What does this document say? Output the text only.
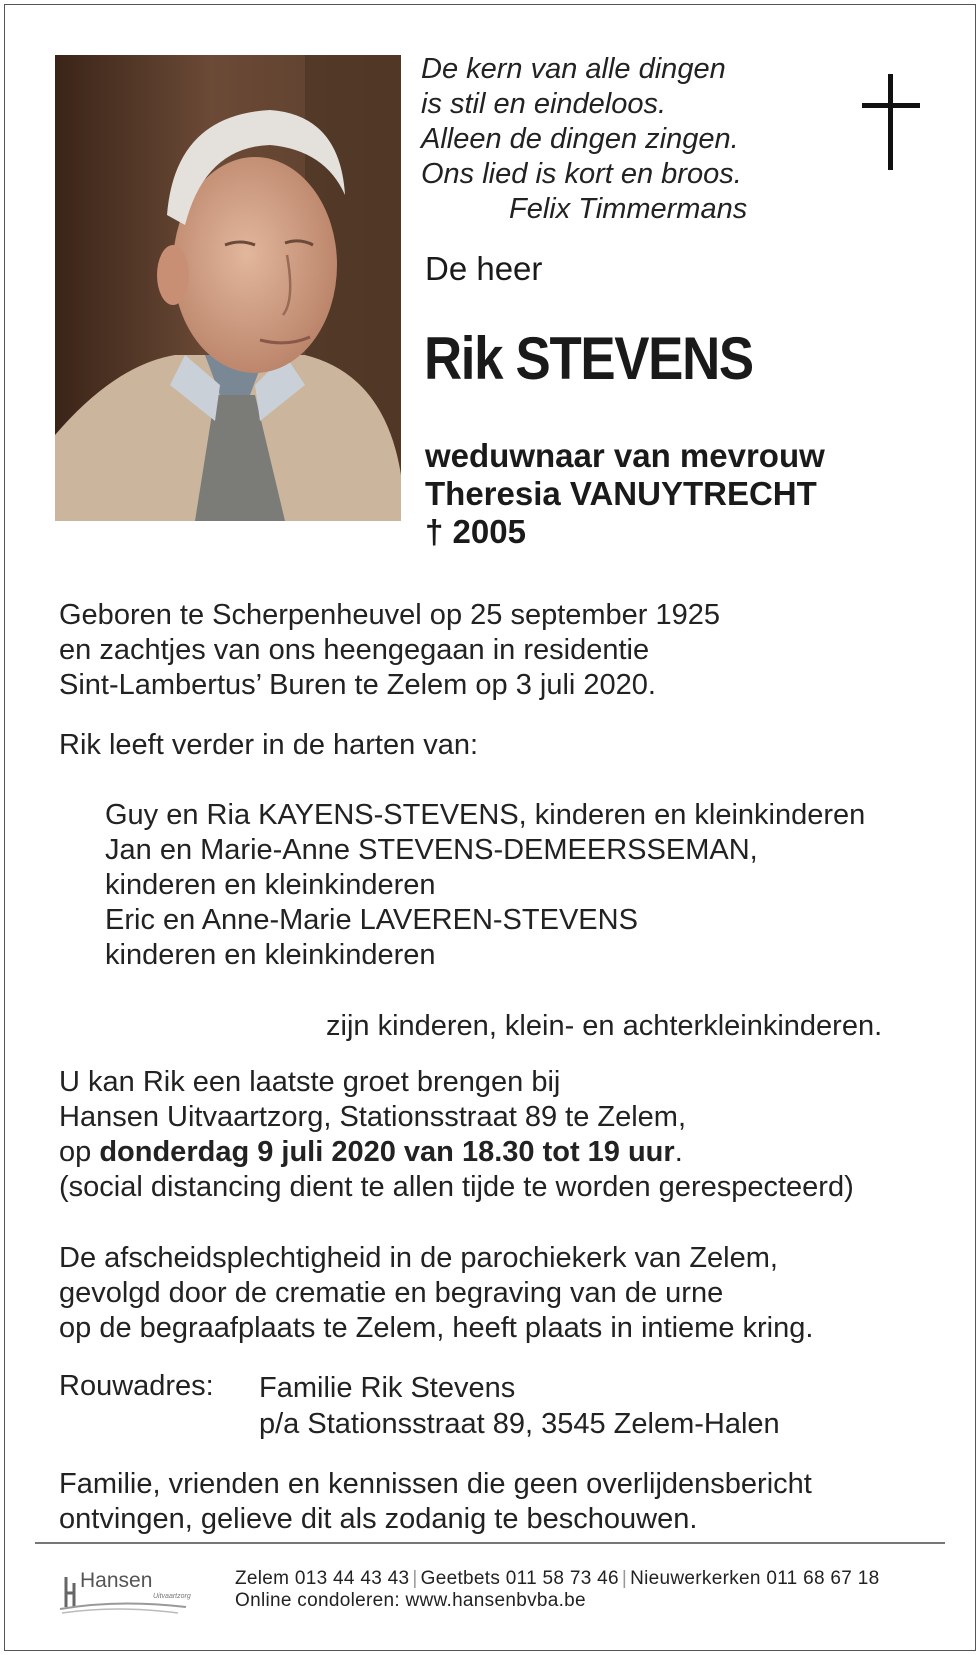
De kern van alle dingen
is stil en eindeloos.
Alleen de dingen zingen.
Ons lied is kort en broos.
Felix Timmermans
De heer
Rik STEVENS
weduwnaar van mevrouw
Theresia VANUYTRECHT
† 2005
Geboren te Scherpenheuvel op 25 september 1925
en zachtjes van ons heengegaan in residentie
Sint-Lambertus’ Buren te Zelem op 3 juli 2020.
Rik leeft verder in de harten van:
Guy en Ria KAYENS-STEVENS, kinderen en kleinkinderen
Jan en Marie-Anne STEVENS-DEMEERSSEMAN,
kinderen en kleinkinderen
Eric en Anne-Marie LAVEREN-STEVENS
kinderen en kleinkinderen
zijn kinderen, klein- en achterkleinkinderen.
U kan Rik een laatste groet brengen bij
Hansen Uitvaartzorg, Stationsstraat 89 te Zelem,
op donderdag 9 juli 2020 van 18.30 tot 19 uur.
(social distancing dient te allen tijde te worden gerespecteerd)
De afscheidsplechtigheid in de parochiekerk van Zelem,
gevolgd door de crematie en begraving van de urne
op de begraafplaats te Zelem, heeft plaats in intieme kring.
Rouwadres: Familie Rik Stevens
p/a Stationsstraat 89, 3545 Zelem-Halen
Familie, vrienden en kennissen die geen overlijdensbericht
ontvingen, gelieve dit als zodanig te beschouwen.
Hansen
Uitvaartzorg
Zelem 013 44 43 43 | Geetbets 011 58 73 46 | Nieuwerkerken 011 68 67 18
Online condoleren: www.hansenbvba.be
